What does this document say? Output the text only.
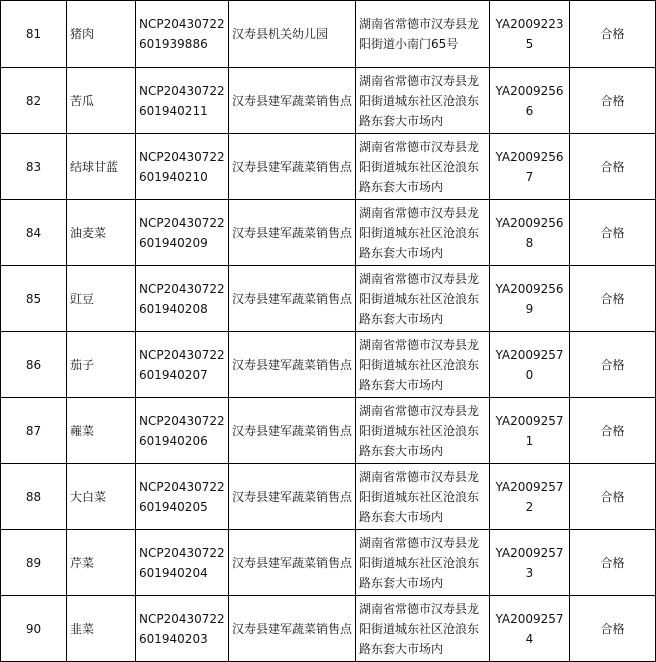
81	猪肉	NCP20430722601939886	汉寿县机关幼儿园	湖南省常德市汉寿县龙阳街道小南门65号	YA20092235	合格
82	苦瓜	NCP20430722601940211	汉寿县建军蔬菜销售点	湖南省常德市汉寿县龙阳街道城东社区沧浪东路东套大市场内	YA20092566	合格
83	结球甘蓝	NCP20430722601940210	汉寿县建军蔬菜销售点	湖南省常德市汉寿县龙阳街道城东社区沧浪东路东套大市场内	YA20092567	合格
84	油麦菜	NCP20430722601940209	汉寿县建军蔬菜销售点	湖南省常德市汉寿县龙阳街道城东社区沧浪东路东套大市场内	YA20092568	合格
85	豇豆	NCP20430722601940208	汉寿县建军蔬菜销售点	湖南省常德市汉寿县龙阳街道城东社区沧浪东路东套大市场内	YA20092569	合格
86	茄子	NCP20430722601940207	汉寿县建军蔬菜销售点	湖南省常德市汉寿县龙阳街道城东社区沧浪东路东套大市场内	YA20092570	合格
87	蕹菜	NCP20430722601940206	汉寿县建军蔬菜销售点	湖南省常德市汉寿县龙阳街道城东社区沧浪东路东套大市场内	YA20092571	合格
88	大白菜	NCP20430722601940205	汉寿县建军蔬菜销售点	湖南省常德市汉寿县龙阳街道城东社区沧浪东路东套大市场内	YA20092572	合格
89	芹菜	NCP20430722601940204	汉寿县建军蔬菜销售点	湖南省常德市汉寿县龙阳街道城东社区沧浪东路东套大市场内	YA20092573	合格
90	韭菜	NCP20430722601940203	汉寿县建军蔬菜销售点	湖南省常德市汉寿县龙阳街道城东社区沧浪东路东套大市场内	YA20092574	合格
